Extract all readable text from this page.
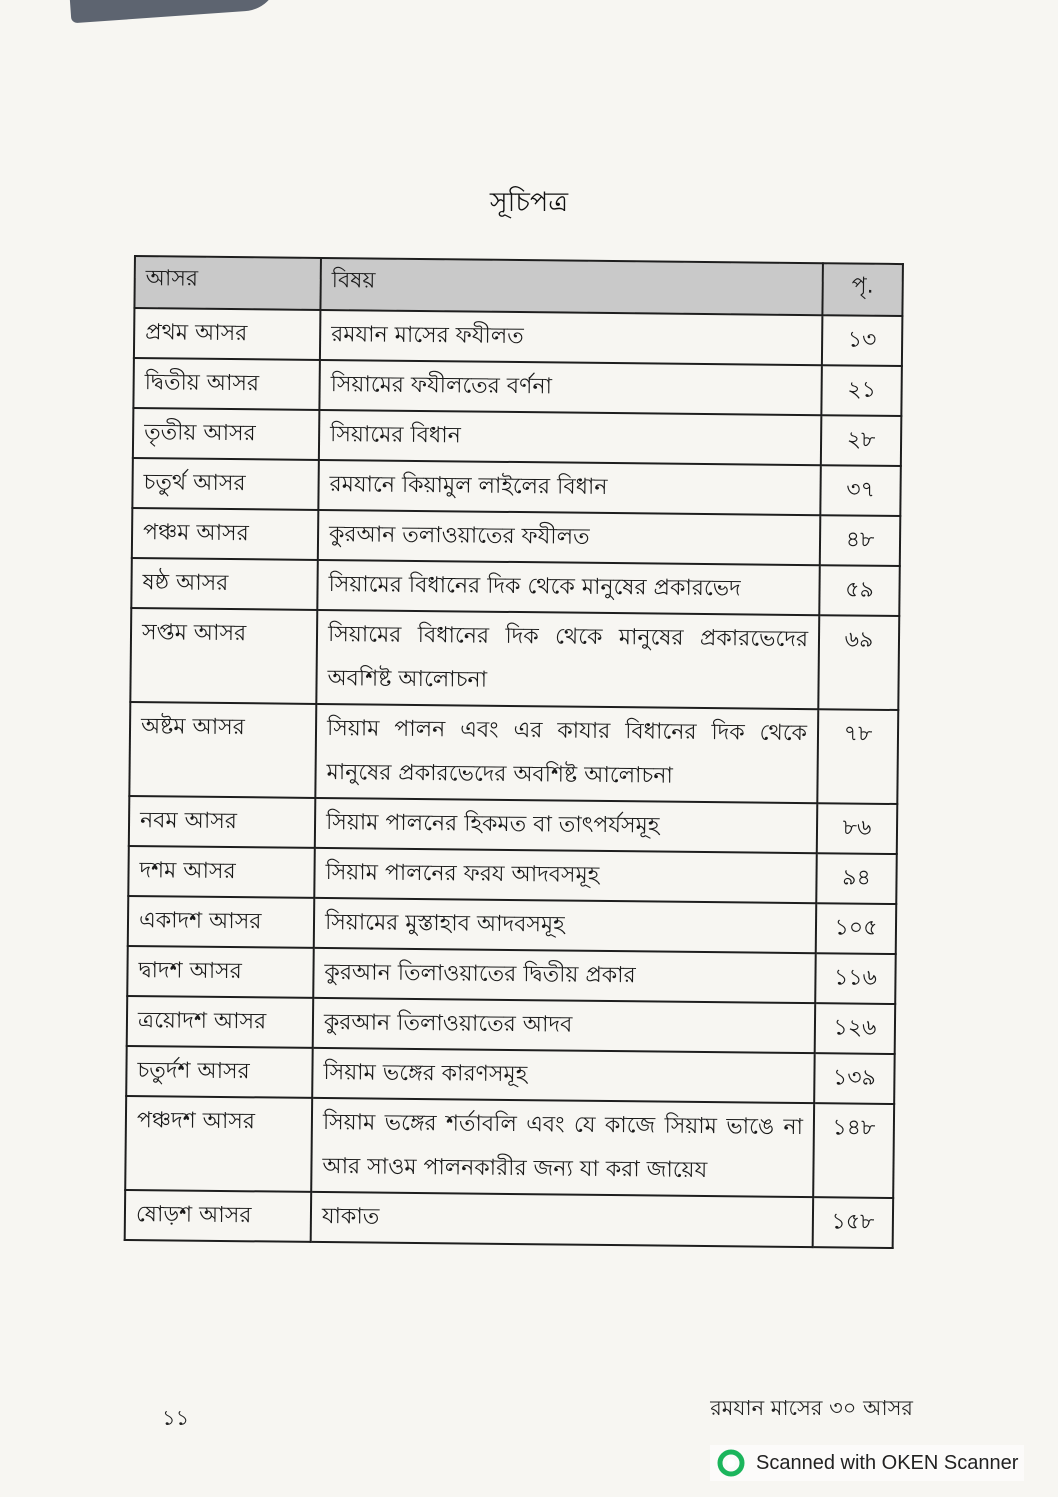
সূচিপত্র
আসর	বিষয়	পৃ.
প্রথম আসর	রমযান মাসের ফযীলত	১৩
দ্বিতীয় আসর	সিয়ামের ফযীলতের বর্ণনা	২১
তৃতীয় আসর	সিয়ামের বিধান	২৮
চতুর্থ আসর	রমযানে কিয়ামুল লাইলের বিধান	৩৭
পঞ্চম আসর	কুরআন তলাওয়াতের ফযীলত	৪৮
ষষ্ঠ আসর	সিয়ামের বিধানের দিক থেকে মানুষের প্রকারভেদ	৫৯
সপ্তম আসর	সিয়ামের বিধানের দিক থেকে মানুষের প্রকারভেদের অবশিষ্ট আলোচনা	৬৯
অষ্টম আসর	সিয়াম পালন এবং এর কাযার বিধানের দিক থেকে মানুষের প্রকারভেদের অবশিষ্ট আলোচনা	৭৮
নবম আসর	সিয়াম পালনের হিকমত বা তাৎপর্যসমূহ	৮৬
দশম আসর	সিয়াম পালনের ফরয আদবসমূহ	৯৪
একাদশ আসর	সিয়ামের মুস্তাহাব আদবসমূহ	১০৫
দ্বাদশ আসর	কুরআন তিলাওয়াতের দ্বিতীয় প্রকার	১১৬
ত্রয়োদশ আসর	কুরআন তিলাওয়াতের আদব	১২৬
চতুর্দশ আসর	সিয়াম ভঙ্গের কারণসমূহ	১৩৯
পঞ্চদশ আসর	সিয়াম ভঙ্গের শর্তাবলি এবং যে কাজে সিয়াম ভাঙে না আর সাওম পালনকারীর জন্য যা করা জায়েয	১৪৮
ষোড়শ আসর	যাকাত	১৫৮
১১	রমযান মাসের ৩০ আসর
Scanned with OKEN Scanner
